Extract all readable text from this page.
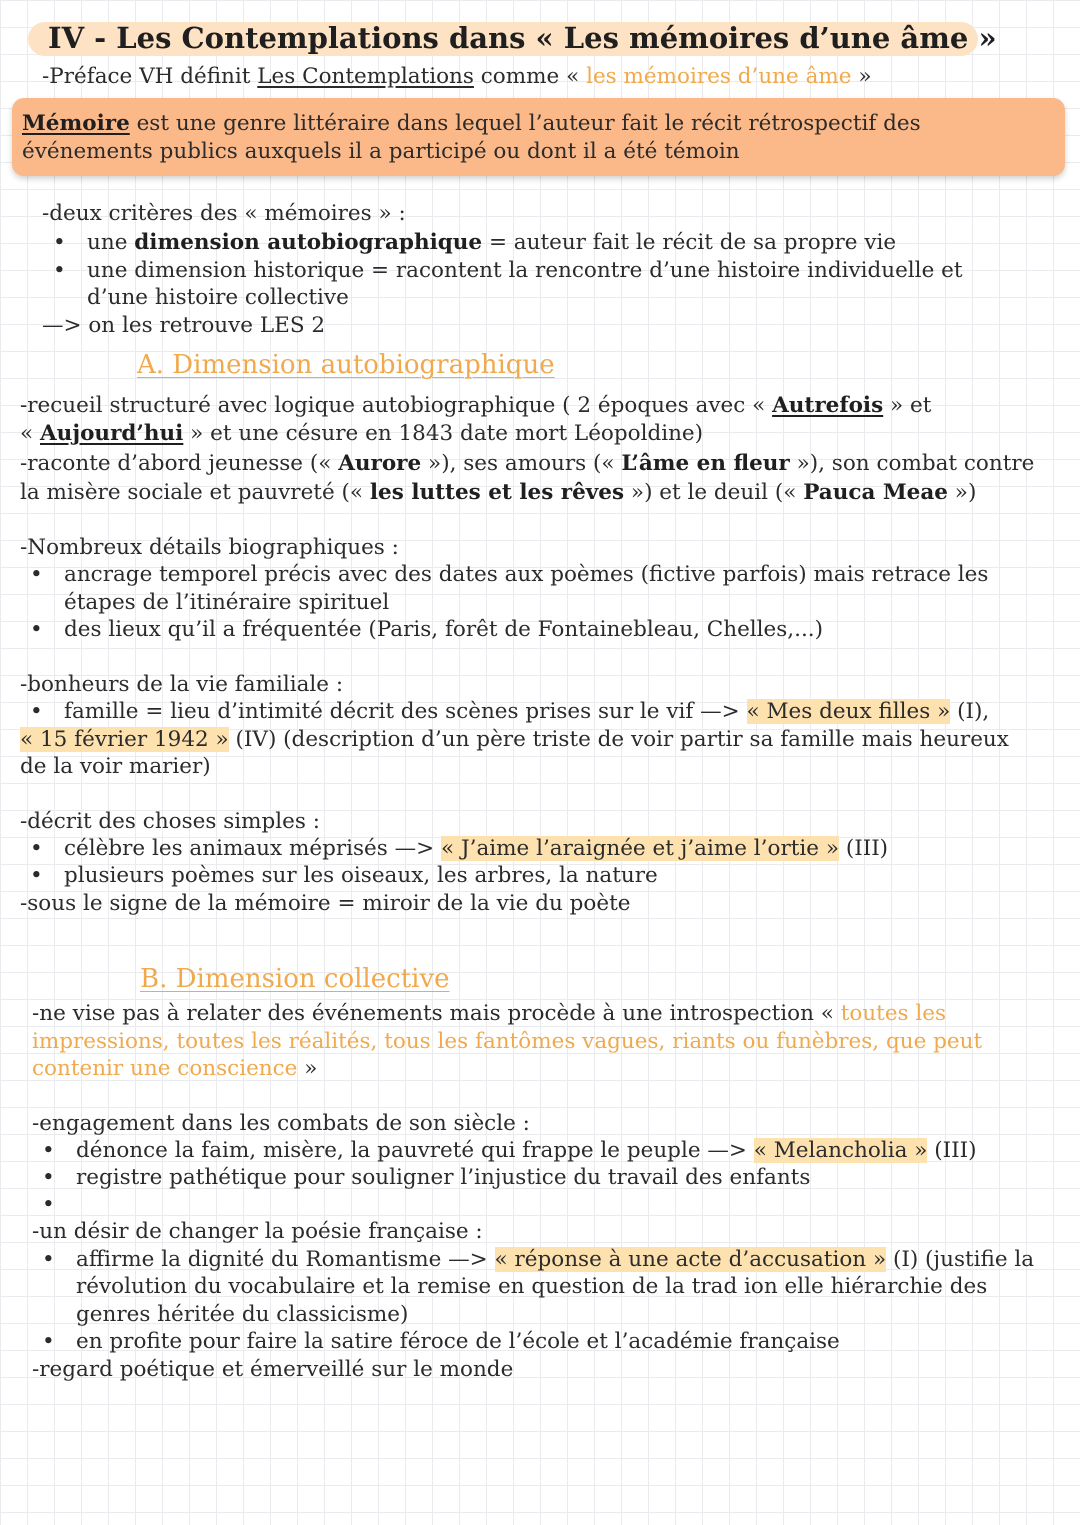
IV - Les Contemplations dans « Les mémoires d’une âme »
-Préface VH définit Les Contemplations comme « les mémoires d’une âme »
Mémoire est une genre littéraire dans lequel l’auteur fait le récit rétrospectif des
événements publics auxquels il a participé ou dont il a été témoin
-deux critères des « mémoires » :
• une dimension autobiographique = auteur fait le récit de sa propre vie
• une dimension historique = racontent la rencontre d’une histoire individuelle et
d’une histoire collective
—> on les retrouve LES 2
A. Dimension autobiographique
-recueil structuré avec logique autobiographique ( 2 époques avec « Autrefois » et
« Aujourd’hui » et une césure en 1843 date mort Léopoldine)
-raconte d’abord jeunesse (« Aurore »), ses amours (« L’âme en fleur »), son combat contre
la misère sociale et pauvreté (« les luttes et les rêves ») et le deuil (« Pauca Meae »)
-Nombreux détails biographiques :
• ancrage temporel précis avec des dates aux poèmes (fictive parfois) mais retrace les
étapes de l’itinéraire spirituel
• des lieux qu’il a fréquentée (Paris, forêt de Fontainebleau, Chelles,...)
-bonheurs de la vie familiale :
• famille = lieu d’intimité décrit des scènes prises sur le vif —> « Mes deux filles » (I),
« 15 février 1942 » (IV) (description d’un père triste de voir partir sa famille mais heureux
de la voir marier)
-décrit des choses simples :
• célèbre les animaux méprisés —> « J’aime l’araignée et j’aime l’ortie » (III)
• plusieurs poèmes sur les oiseaux, les arbres, la nature
-sous le signe de la mémoire = miroir de la vie du poète
B. Dimension collective
-ne vise pas à relater des événements mais procède à une introspection « toutes les
impressions, toutes les réalités, tous les fantômes vagues, riants ou funèbres, que peut
contenir une conscience »
-engagement dans les combats de son siècle :
• dénonce la faim, misère, la pauvreté qui frappe le peuple —> « Melancholia » (III)
• registre pathétique pour souligner l’injustice du travail des enfants
-un désir de changer la poésie française :
• affirme la dignité du Romantisme —> « réponse à une acte d’accusation » (I) (justifie la
révolution du vocabulaire et la remise en question de la trad ion elle hiérarchie des
genres héritée du classicisme)
• en profite pour faire la satire féroce de l’école et l’académie française
-regard poétique et émerveillé sur le monde
